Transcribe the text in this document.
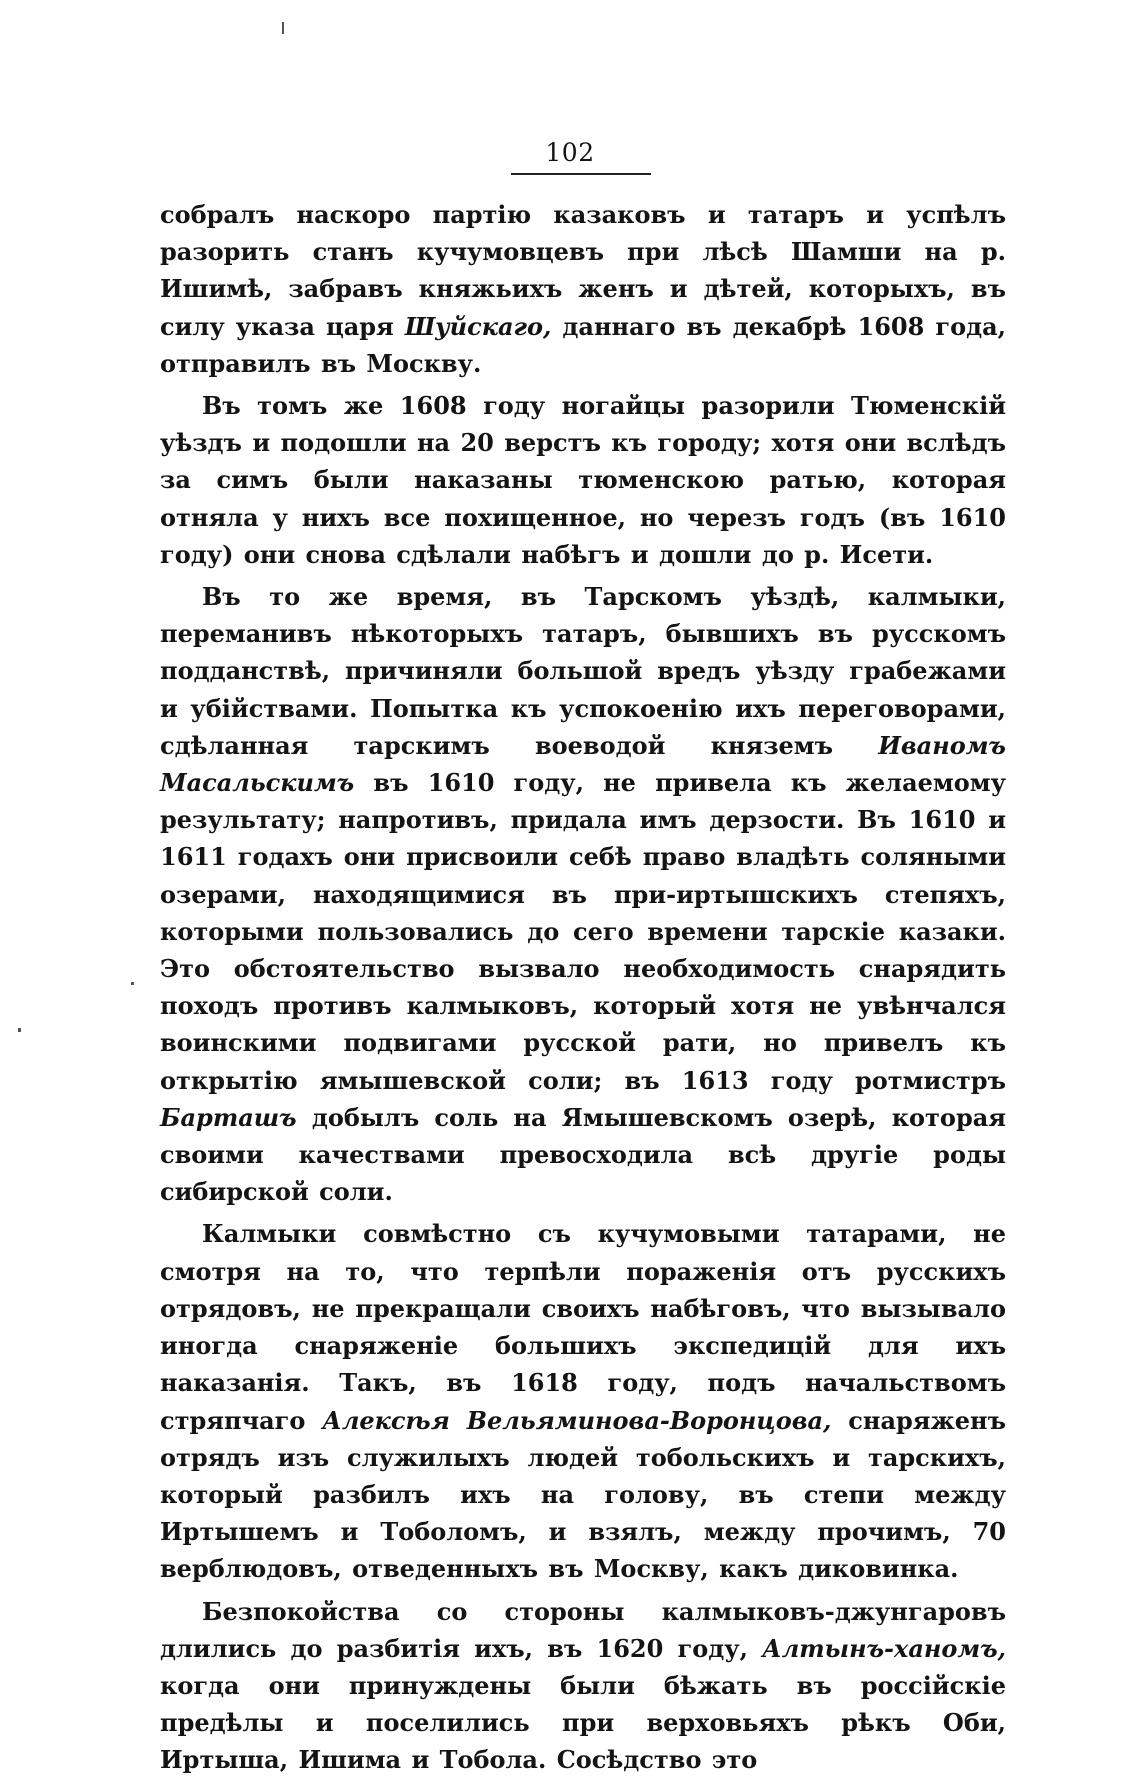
102

собралъ наскоро партію казаковъ и татаръ и успѣлъ разорить станъ кучумовцевъ при лѣсѣ Шамши на р. Ишимѣ, забравъ княжьихъ женъ и дѣтей, которыхъ, въ силу указа царя Шуйскаго, даннаго въ декабрѣ 1608 года, отправилъ въ Москву.

Въ томъ же 1608 году ногайцы разорили Тюменскій уѣздъ и подошли на 20 верстъ къ городу; хотя они вслѣдъ за симъ были наказаны тюменскою ратью, которая отняла у нихъ все похищенное, но черезъ годъ (въ 1610 году) они снова сдѣлали набѣгъ и дошли до р. Исети.

Въ то же время, въ Тарскомъ уѣздѣ, калмыки, переманивъ нѣкоторыхъ татаръ, бывшихъ въ русскомъ подданствѣ, причиняли большой вредъ уѣзду грабежами и убійствами. Попытка къ успокоенію ихъ переговорами, сдѣланная тарскимъ воеводой княземъ Иваномъ Масальскимъ въ 1610 году, не привела къ желаемому результату; напротивъ, придала имъ дерзости. Въ 1610 и 1611 годахъ они присвоили себѣ право владѣть соляными озерами, находящимися въ при-иртышскихъ степяхъ, которыми пользовались до сего времени тарскіе казаки. Это обстоятельство вызвало необходимость снарядить походъ противъ калмыковъ, который хотя не увѣнчался воинскими подвигами русской рати, но привелъ къ открытію ямышевской соли; въ 1613 году ротмистръ Барташъ добылъ соль на Ямышевскомъ озерѣ, которая своими качествами превосходила всѣ другіе роды сибирской соли.

Калмыки совмѣстно съ кучумовыми татарами, не смотря на то, что терпѣли пораженія отъ русскихъ отрядовъ, не прекращали своихъ набѣговъ, что вызывало иногда снаряженіе большихъ экспедицій для ихъ наказанія. Такъ, въ 1618 году, подъ начальствомъ стряпчаго Алексѣя Вельяминова-Воронцова, снаряженъ отрядъ изъ служилыхъ людей тобольскихъ и тарскихъ, который разбилъ ихъ на голову, въ степи между Иртышемъ и Тоболомъ, и взялъ, между прочимъ, 70 верблюдовъ, отведенныхъ въ Москву, какъ диковинка.

Безпокойства со стороны калмыковъ-джунгаровъ длились до разбитія ихъ, въ 1620 году, Алтынъ-ханомъ, когда они принуждены были бѣжать въ россійскіе предѣлы и поселились при верховьяхъ рѣкъ Оби, Иртыша, Ишима и Тобола. Сосѣдство это
